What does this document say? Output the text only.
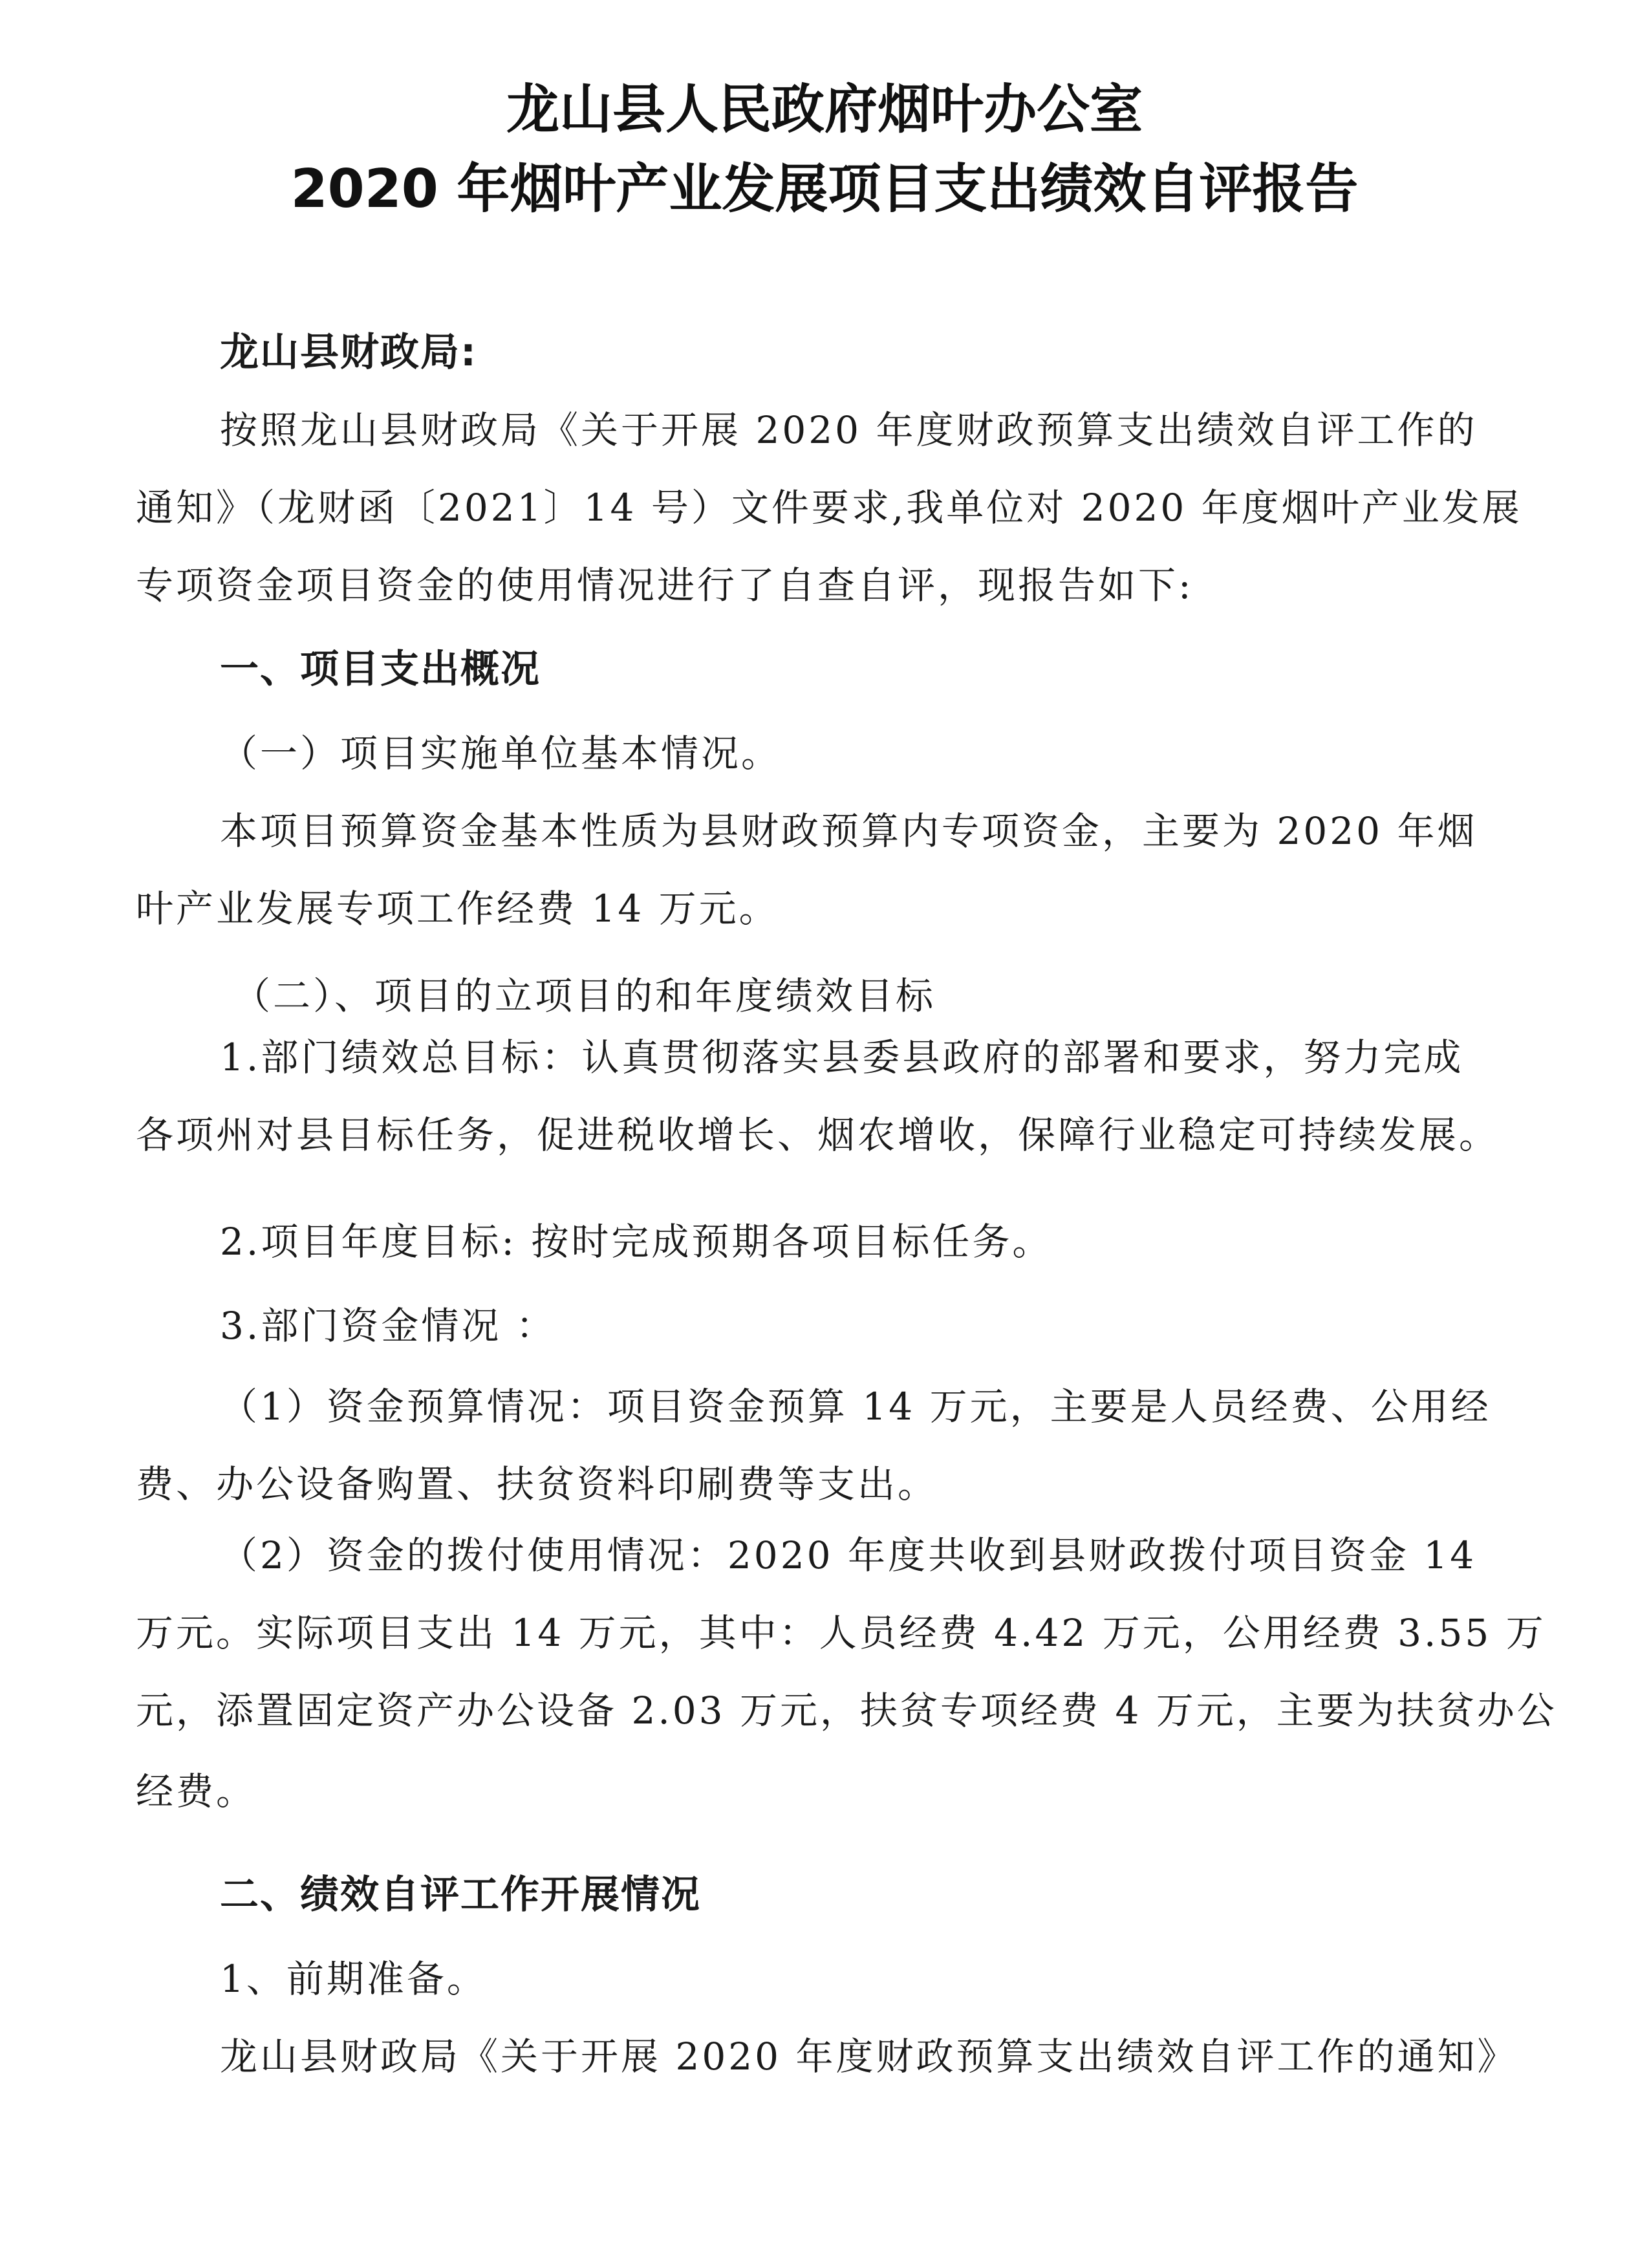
龙山县人民政府烟叶办公室
2020 年烟叶产业发展项目支出绩效自评报告
龙山县财政局:
按照龙山县财政局《关于开展 2020 年度财政预算支出绩效自评工作的
通知》（龙财函〔2021〕14 号）文件要求,我单位对 2020 年度烟叶产业发展
专项资金项目资金的使用情况进行了自查自评，现报告如下:
一、项目支出概况
（一）项目实施单位基本情况。
本项目预算资金基本性质为县财政预算内专项资金，主要为 2020 年烟
叶产业发展专项工作经费 14 万元。
（二）、项目的立项目的和年度绩效目标
1.部门绩效总目标：认真贯彻落实县委县政府的部署和要求，努力完成
各项州对县目标任务，促进税收增长、烟农增收，保障行业稳定可持续发展。
2.项目年度目标: 按时完成预期各项目标任务。
3.部门资金情况 ：
（1）资金预算情况：项目资金预算 14 万元，主要是人员经费、公用经
费、办公设备购置、扶贫资料印刷费等支出。
（2）资金的拨付使用情况：2020 年度共收到县财政拨付项目资金 14
万元。实际项目支出 14 万元，其中：人员经费 4.42 万元，公用经费 3.55 万
元，添置固定资产办公设备 2.03 万元，扶贫专项经费 4 万元，主要为扶贫办公
经费。
二、绩效自评工作开展情况
1、前期准备。
龙山县财政局《关于开展 2020 年度财政预算支出绩效自评工作的通知》
